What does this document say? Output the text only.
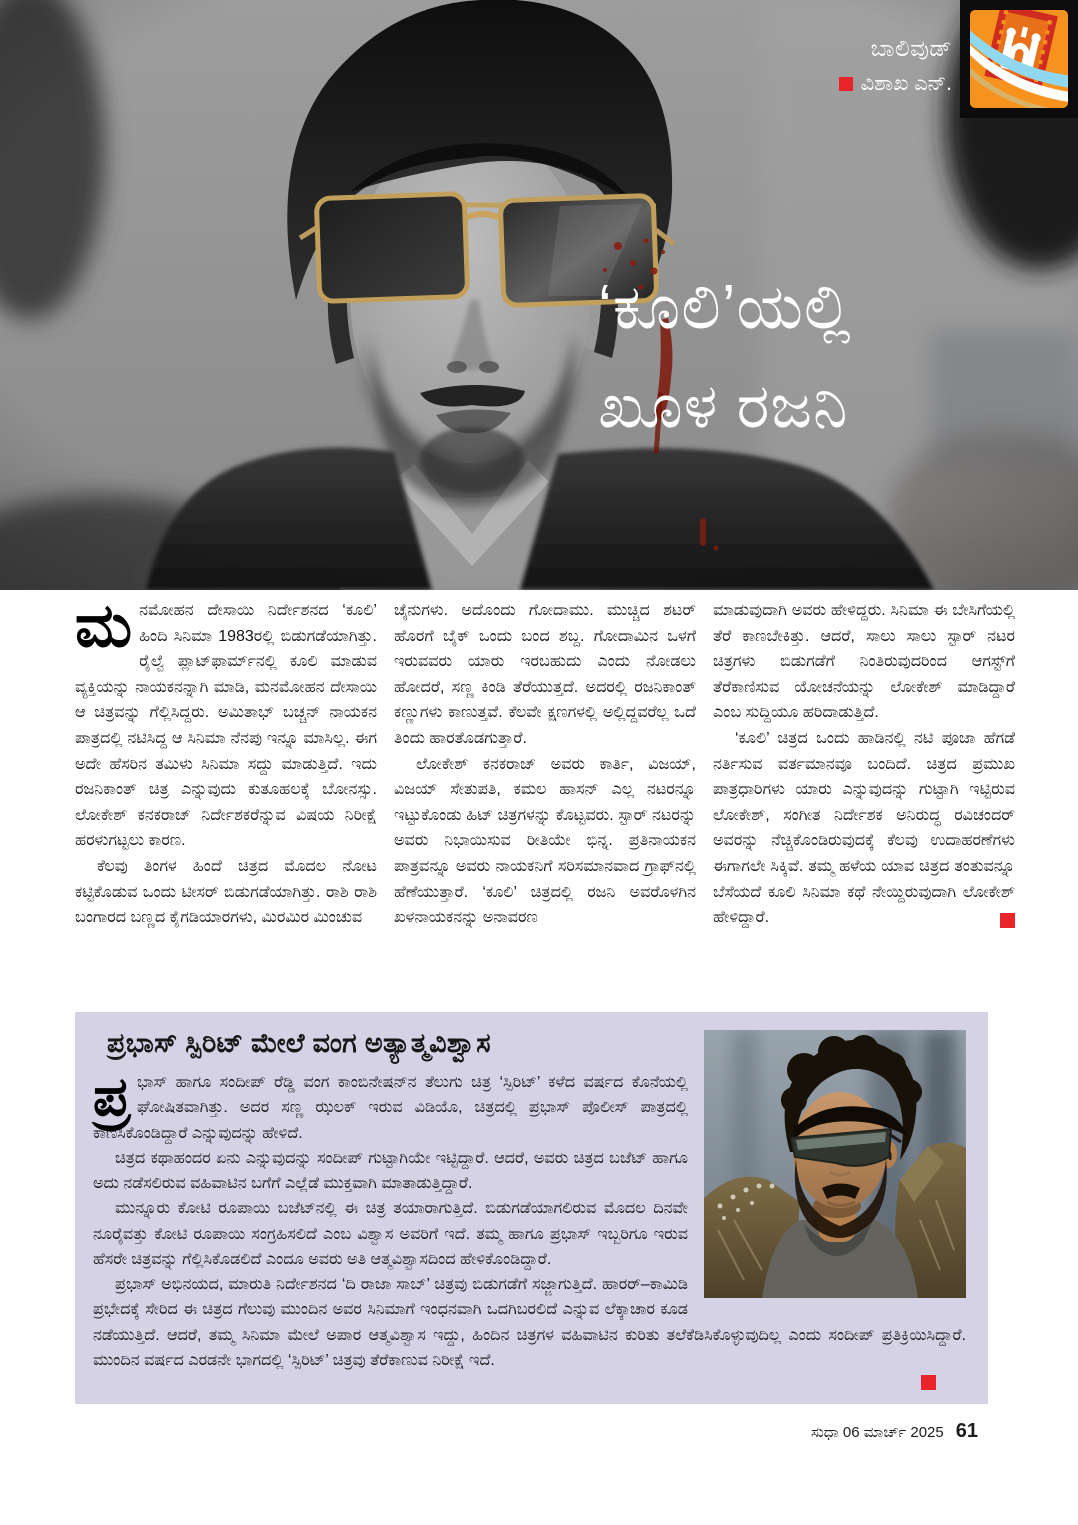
‘ಕೂಲಿ’ಯಲ್ಲಿ
ಖೂಳ ರಜನಿ
ಬಾಲಿವುಡ್
ವಿಶಾಖ ಎನ್.

ಮನಮೋಹನ ದೇಸಾಯಿ ನಿರ್ದೇಶನದ ‘ಕೂಲಿ’ ಹಿಂದಿ ಸಿನಿಮಾ 1983ರಲ್ಲಿ ಬಿಡುಗಡೆಯಾಗಿತ್ತು. ರೈಲ್ವೆ ಪ್ಲಾಟ್‌ಫಾರ್ಮ್‌ನಲ್ಲಿ ಕೂಲಿ ಮಾಡುವ ವ್ಯಕ್ತಿಯನ್ನು ನಾಯಕನನ್ನಾಗಿ ಮಾಡಿ, ಮನಮೋಹನ ದೇಸಾಯಿ ಆ ಚಿತ್ರವನ್ನು ಗೆಲ್ಲಿಸಿದ್ದರು. ಅಮಿತಾಭ್ ಬಚ್ಚನ್ ನಾಯಕನ ಪಾತ್ರದಲ್ಲಿ ನಟಿಸಿದ್ದ ಆ ಸಿನಿಮಾ ನೆನಪು ಇನ್ನೂ ಮಾಸಿಲ್ಲ. ಈಗ ಅದೇ ಹೆಸರಿನ ತಮಿಳು ಸಿನಿಮಾ ಸದ್ದು ಮಾಡುತ್ತಿದೆ. ಇದು ರಜನಿಕಾಂತ್ ಚಿತ್ರ ಎನ್ನುವುದು ಕುತೂಹಲಕ್ಕೆ ಬೋನಸ್ಸು. ಲೋಕೇಶ್ ಕನಕರಾಜ್ ನಿರ್ದೇಶಕರೆನ್ನುವ ವಿಷಯ ನಿರೀಕ್ಷೆ ಹರಳುಗಟ್ಟಲು ಕಾರಣ.

ಕೆಲವು ತಿಂಗಳ ಹಿಂದೆ ಚಿತ್ರದ ಮೊದಲ ನೋಟ ಕಟ್ಟಿಕೊಡುವ ಒಂದು ಟೀಸರ್ ಬಿಡುಗಡೆಯಾಗಿತ್ತು. ರಾಶಿ ರಾಶಿ ಬಂಗಾರದ ಬಣ್ಣದ ಕೈಗಡಿಯಾರಗಳು, ಮಿರಮಿರ ಮಿಂಚುವ

ಚೈನುಗಳು. ಅದೊಂದು ಗೋದಾಮು. ಮುಚ್ಚಿದ ಶಟರ್ ಹೊರಗೆ ಬೈಕ್ ಒಂದು ಬಂದ ಶಬ್ದ. ಗೋದಾಮಿನ ಒಳಗೆ ಇರುವವರು ಯಾರು ಇರಬಹುದು ಎಂದು ನೋಡಲು ಹೋದರೆ, ಸಣ್ಣ ಕಿಂಡಿ ತೆರೆಯುತ್ತದೆ. ಅದರಲ್ಲಿ ರಜನಿಕಾಂತ್ ಕಣ್ಣುಗಳು ಕಾಣುತ್ತವೆ. ಕೆಲವೇ ಕ್ಷಣಗಳಲ್ಲಿ ಅಲ್ಲಿದ್ದವರೆಲ್ಲ ಒದೆ ತಿಂದು ಹಾರತೊಡಗುತ್ತಾರೆ.

ಲೋಕೇಶ್ ಕನಕರಾಜ್ ಅವರು ಕಾರ್ತಿ, ವಿಜಯ್, ವಿಜಯ್ ಸೇತುಪತಿ, ಕಮಲ ಹಾಸನ್ ಎಲ್ಲ ನಟರನ್ನೂ ಇಟ್ಟುಕೊಂಡು ಹಿಟ್ ಚಿತ್ರಗಳನ್ನು ಕೊಟ್ಟವರು. ಸ್ಟಾರ್ ನಟರನ್ನು ಅವರು ನಿಭಾಯಿಸುವ ರೀತಿಯೇ ಭಿನ್ನ. ಪ್ರತಿನಾಯಕನ ಪಾತ್ರವನ್ನೂ ಅವರು ನಾಯಕನಿಗೆ ಸರಿಸಮಾನವಾದ ಗ್ರಾಫ್‌ನಲ್ಲಿ ಹೆಣೆಯುತ್ತಾರೆ. ‘ಕೂಲಿ’ ಚಿತ್ರದಲ್ಲಿ ರಜನಿ ಅವರೊಳಗಿನ ಖಳನಾಯಕನನ್ನು ಅನಾವರಣ

ಮಾಡುವುದಾಗಿ ಅವರು ಹೇಳಿದ್ದರು. ಸಿನಿಮಾ ಈ ಬೇಸಿಗೆಯಲ್ಲಿ ತೆರೆ ಕಾಣಬೇಕಿತ್ತು. ಆದರೆ, ಸಾಲು ಸಾಲು ಸ್ಟಾರ್ ನಟರ ಚಿತ್ರಗಳು ಬಿಡುಗಡೆಗೆ ನಿಂತಿರುವುದರಿಂದ ಆಗಸ್ಟ್‌ಗೆ ತೆರೆಕಾಣಿಸುವ ಯೋಚನೆಯನ್ನು ಲೋಕೇಶ್ ಮಾಡಿದ್ದಾರೆ ಎಂಬ ಸುದ್ದಿಯೂ ಹರಿದಾಡುತ್ತಿದೆ.

‘ಕೂಲಿ’ ಚಿತ್ರದ ಒಂದು ಹಾಡಿನಲ್ಲಿ ನಟಿ ಪೂಜಾ ಹೆಗಡೆ ನರ್ತಿಸುವ ವರ್ತಮಾನವೂ ಬಂದಿದೆ. ಚಿತ್ರದ ಪ್ರಮುಖ ಪಾತ್ರಧಾರಿಗಳು ಯಾರು ಎನ್ನುವುದನ್ನು ಗುಟ್ಟಾಗಿ ಇಟ್ಟಿರುವ ಲೋಕೇಶ್, ಸಂಗೀತ ನಿರ್ದೇಶಕ ಅನಿರುದ್ಧ ರವಿಚಂದರ್ ಅವರನ್ನು ನೆಚ್ಚಿಕೊಂಡಿರುವುದಕ್ಕೆ ಕೆಲವು ಉದಾಹರಣೆಗಳು ಈಗಾಗಲೇ ಸಿಕ್ಕಿವೆ. ತಮ್ಮ ಹಳೆಯ ಯಾವ ಚಿತ್ರದ ತಂತುವನ್ನೂ ಬೆಸೆಯದೆ ಕೂಲಿ ಸಿನಿಮಾ ಕಥೆ ನೇಯ್ದಿರುವುದಾಗಿ ಲೋಕೇಶ್ ಹೇಳಿದ್ದಾರೆ.

ಪ್ರಭಾಸ್ ಸ್ಪಿರಿಟ್ ಮೇಲೆ ವಂಗ ಅತ್ಯಾತ್ಮವಿಶ್ವಾಸ

ಪ್ರ ಭಾಸ್ ಹಾಗೂ ಸಂದೀಪ್ ರೆಡ್ಡಿ ವಂಗ ಕಾಂಬಿನೇಷನ್‌ನ ತೆಲುಗು ಚಿತ್ರ ‘ಸ್ಪಿರಿಟ್’ ಕಳೆದ ವರ್ಷದ ಕೊನೆಯಲ್ಲಿ ಘೋಷಿತವಾಗಿತ್ತು. ಅದರ ಸಣ್ಣ ಝಲಕ್ ಇರುವ ವಿಡಿಯೊ, ಚಿತ್ರದಲ್ಲಿ ಪ್ರಭಾಸ್ ಪೊಲೀಸ್ ಪಾತ್ರದಲ್ಲಿ ಕಾಣಿಸಿಕೊಂಡಿದ್ದಾರೆ ಎನ್ನುವುದನ್ನು ಹೇಳಿದೆ.

ಚಿತ್ರದ ಕಥಾಹಂದರ ಏನು ಎನ್ನುವುದನ್ನು ಸಂದೀಪ್ ಗುಟ್ಟಾಗಿಯೇ ಇಟ್ಟಿದ್ದಾರೆ. ಆದರೆ, ಅವರು ಚಿತ್ರದ ಬಜೆಟ್ ಹಾಗೂ ಅದು ನಡೆಸಲಿರುವ ವಹಿವಾಟಿನ ಬಗೆಗೆ ಎಲ್ಲೆಡೆ ಮುಕ್ತವಾಗಿ ಮಾತಾಡುತ್ತಿದ್ದಾರೆ.

ಮುನ್ನೂರು ಕೋಟಿ ರೂಪಾಯಿ ಬಜೆಟ್‌ನಲ್ಲಿ ಈ ಚಿತ್ರ ತಯಾರಾಗುತ್ತಿದೆ. ಬಿಡುಗಡೆಯಾಗಲಿರುವ ಮೊದಲ ದಿನವೇ ನೂರೈವತ್ತು ಕೋಟಿ ರೂಪಾಯಿ ಸಂಗ್ರಹಿಸಲಿದೆ ಎಂಬ ವಿಶ್ವಾಸ ಅವರಿಗೆ ಇದೆ. ತಮ್ಮ ಹಾಗೂ ಪ್ರಭಾಸ್ ಇಬ್ಬರಿಗೂ ಇರುವ ಹೆಸರೇ ಚಿತ್ರವನ್ನು ಗೆಲ್ಲಿಸಿಕೊಡಲಿದೆ ಎಂದೂ ಅವರು ಅತಿ ಆತ್ಮವಿಶ್ವಾಸದಿಂದ ಹೇಳಿಕೊಂಡಿದ್ದಾರೆ.

ಪ್ರಭಾಸ್ ಅಭಿನಯದ, ಮಾರುತಿ ನಿರ್ದೇಶನದ ‘ದಿ ರಾಜಾ ಸಾಬ್’ ಚಿತ್ರವು ಬಿಡುಗಡೆಗೆ ಸಜ್ಜಾಗುತ್ತಿದೆ. ಹಾರರ್–ಕಾಮಿಡಿ ಪ್ರಭೇದಕ್ಕೆ ಸೇರಿದ ಈ ಚಿತ್ರದ ಗೆಲುವು ಮುಂದಿನ ಅವರ ಸಿನಿಮಾಗೆ ಇಂಧನವಾಗಿ ಒದಗಿಬರಲಿದೆ ಎನ್ನುವ ಲೆಕ್ಕಾಚಾರ ಕೂಡ ನಡೆಯುತ್ತಿದೆ. ಆದರೆ, ತಮ್ಮ ಸಿನಿಮಾ ಮೇಲೆ ಅಪಾರ ಆತ್ಮವಿಶ್ವಾಸ ಇದ್ದು, ಹಿಂದಿನ ಚಿತ್ರಗಳ ವಹಿವಾಟಿನ ಕುರಿತು ತಲೆಕೆಡಿಸಿಕೊಳ್ಳುವುದಿಲ್ಲ ಎಂದು ಸಂದೀಪ್ ಪ್ರತಿಕ್ರಿಯಿಸಿದ್ದಾರೆ. ಮುಂದಿನ ವರ್ಷದ ಎರಡನೇ ಭಾಗದಲ್ಲಿ ‘ಸ್ಪಿರಿಟ್’ ಚಿತ್ರವು ತೆರೆಕಾಣುವ ನಿರೀಕ್ಷೆ ಇದೆ.

ಸುಧಾ 06 ಮಾರ್ಚ್ 2025 61
